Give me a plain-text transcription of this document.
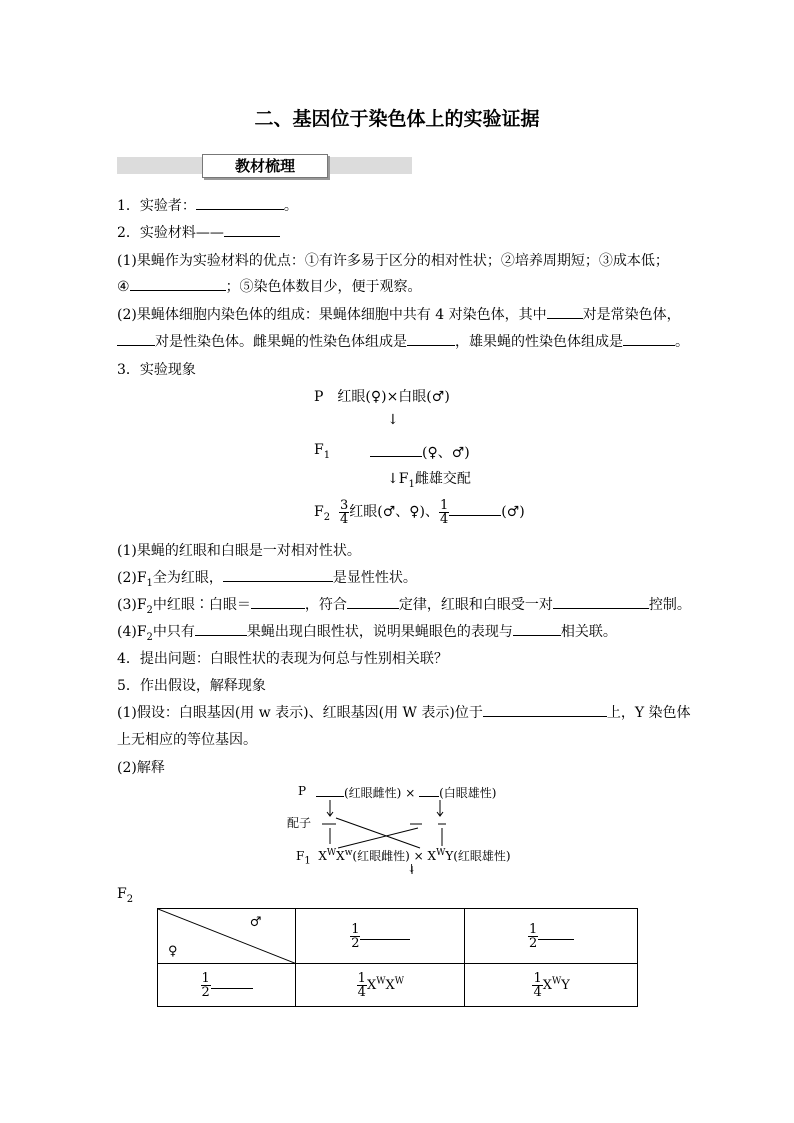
二、基因位于染色体上的实验证据
教材梳理
1．实验者：	。
2．实验材料——
(1)果蝇作为实验材料的优点：①有许多易于区分的相对性状；②培养周期短；③成本低；
④	；⑤染色体数目少，便于观察。
(2)果蝇体细胞内染色体的组成：果蝇体细胞中共有 4 对染色体，其中	对是常染色体，
对是性染色体。雌果蝇的性染色体组成是	，雄果蝇的性染色体组成是	。
3．实验现象
P　红眼(♀)×白眼(♂)
↓
$F_1$	(♀、♂)
$↓F_1$雌雄交配
$F_2 \frac{3}{4}$ 红眼(♂、♀)、 $\frac{1}{4}$	(♂)
(1)果蝇的红眼和白眼是一对相对性状。
$(2)F_1$全为红眼，	是显性性状。
$(3)F_2$中红眼∶白眼＝	，符合	定律，红眼和白眼受一对	控制。
$(4)F_2$中只有	果蝇出现白眼性状，说明果蝇眼色的表现与	相关联。
4．提出问题：白眼性状的表现为何总与性别相关联？
5．作出假设，解释现象
(1)假设：白眼基因(用 w 表示)、红眼基因(用 W 表示)位于	上，Y 染色体
上无相应的等位基因。
(2)解释
P	(红眼雌性) × (白眼雄性)
配子
$F_1$ $X^WX^w$(红眼雌性) × $X^WY$(红眼雄性)
↓
$F_2$
♂
♀	$\frac{1}{2}$	$\frac{1}{2}$

$\frac{1}{2}$	$\frac{1}{4} X^WX^W$	$\frac{1}{4} X^WY$
